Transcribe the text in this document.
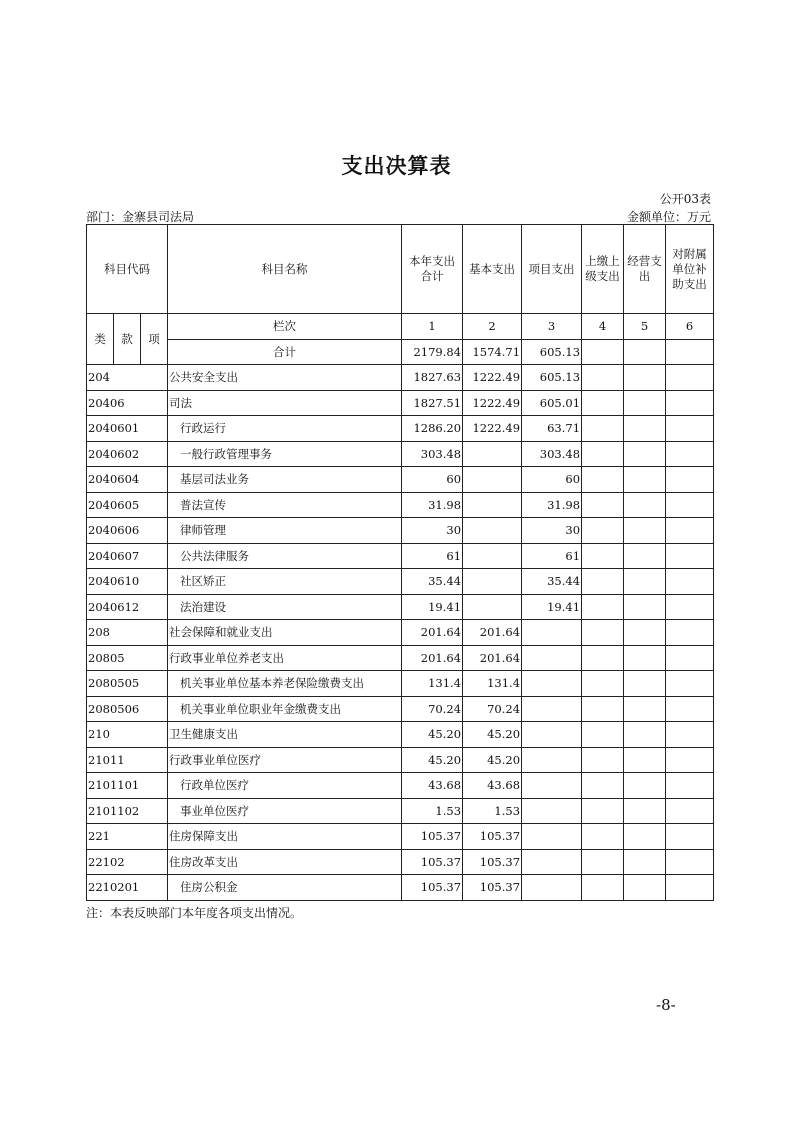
支出决算表
公开03表
部门：金寨县司法局	金额单位：万元
科目代码			科目名称	本年支出合计	基本支出	项目支出	上缴上级支出	经营支出	对附属单位补助支出
类	款	项	栏次	1	2	3	4	5	6
			合计	2179.84	1574.71	605.13			
204			公共安全支出	1827.63	1222.49	605.13			
20406			司法	1827.51	1222.49	605.01			
2040601			行政运行	1286.20	1222.49	63.71			
2040602			一般行政管理事务	303.48		303.48			
2040604			基层司法业务	60		60			
2040605			普法宣传	31.98		31.98			
2040606			律师管理	30		30			
2040607			公共法律服务	61		61			
2040610			社区矫正	35.44		35.44			
2040612			法治建设	19.41		19.41			
208			社会保障和就业支出	201.64	201.64				
20805			行政事业单位养老支出	201.64	201.64				
2080505			机关事业单位基本养老保险缴费支出	131.4	131.4				
2080506			机关事业单位职业年金缴费支出	70.24	70.24				
210			卫生健康支出	45.20	45.20				
21011			行政事业单位医疗	45.20	45.20				
2101101			行政单位医疗	43.68	43.68				
2101102			事业单位医疗	1.53	1.53				
221			住房保障支出	105.37	105.37				
22102			住房改革支出	105.37	105.37				
2210201			住房公积金	105.37	105.37				
注：本表反映部门本年度各项支出情况。
-8-
